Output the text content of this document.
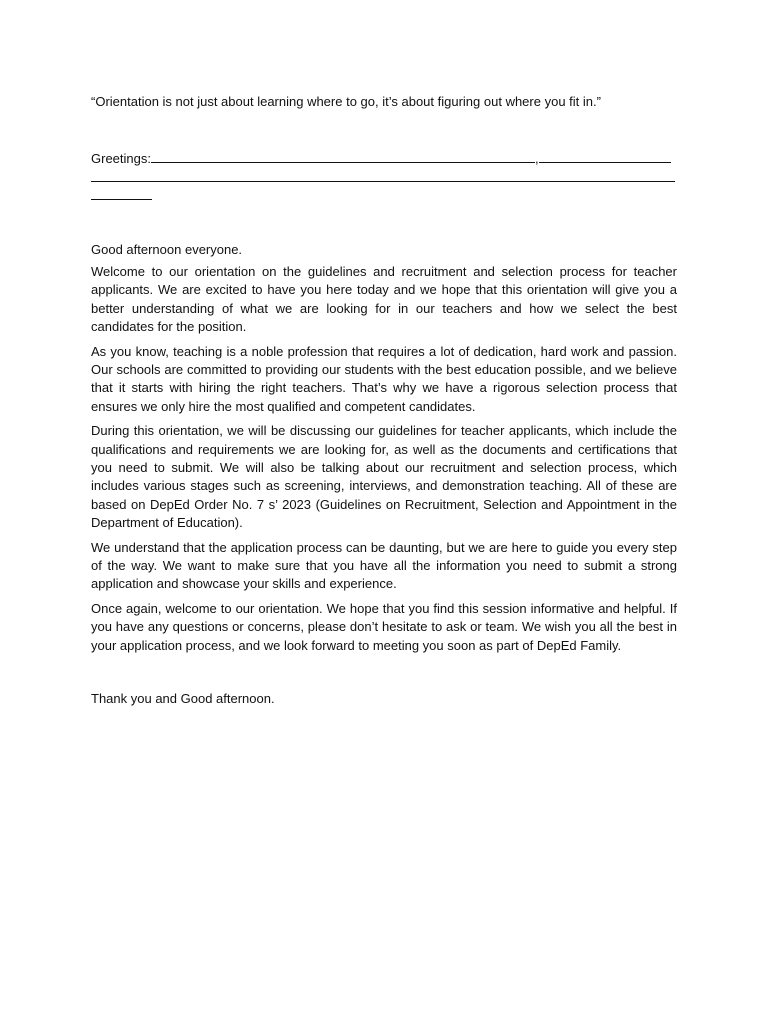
“Orientation is not just about learning where to go, it’s about figuring out where you fit in.”

Greetings:	,

Good afternoon everyone.

Welcome to our orientation on the guidelines and recruitment and selection process for teacher applicants. We are excited to have you here today and we hope that this orientation will give you a better understanding of what we are looking for in our teachers and how we select the best candidates for the position.

As you know, teaching is a noble profession that requires a lot of dedication, hard work and passion. Our schools are committed to providing our students with the best education possible, and we believe that it starts with hiring the right teachers. That’s why we have a rigorous selection process that ensures we only hire the most qualified and competent candidates.

During this orientation, we will be discussing our guidelines for teacher applicants, which include the qualifications and requirements we are looking for, as well as the documents and certifications that you need to submit. We will also be talking about our recruitment and selection process, which includes various stages such as screening, interviews, and demonstration teaching. All of these are based on DepEd Order No. 7 s’ 2023 (Guidelines on Recruitment, Selection and Appointment in the Department of Education).

We understand that the application process can be daunting, but we are here to guide you every step of the way. We want to make sure that you have all the information you need to submit a strong application and showcase your skills and experience.

Once again, welcome to our orientation. We hope that you find this session informative and helpful. If you have any questions or concerns, please don’t hesitate to ask or team. We wish you all the best in your application process, and we look forward to meeting you soon as part of DepEd Family.

Thank you and Good afternoon.
